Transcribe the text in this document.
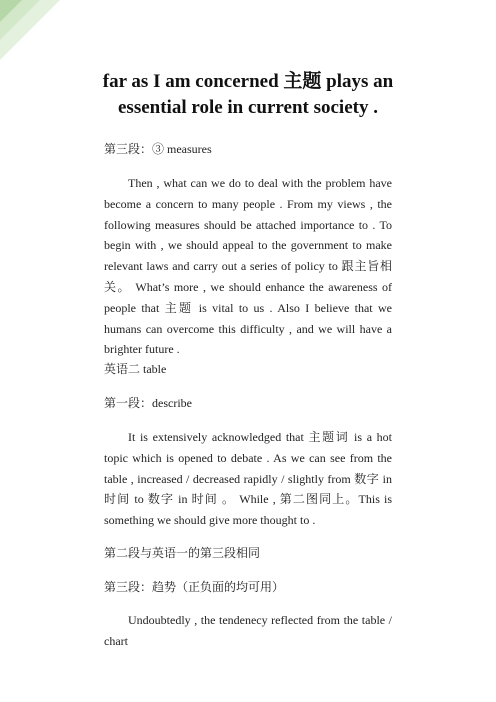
far as I am concerned 主题 plays an
essential role in current society .
第三段：③ measures
Then , what can we do to deal with the problem have become a concern to many people . From my views , the following measures should be attached importance to . To begin with , we should appeal to the government to make relevant laws and carry out a series of policy to 跟主旨相关。 What’s more , we should enhance the awareness of people that 主题 is vital to us . Also I believe that we humans can overcome this difficulty , and we will have a brighter future .
英语二 table
第一段：describe
It is extensively acknowledged that 主题词 is a hot topic which is opened to debate . As we can see from the table , increased / decreased rapidly / slightly from 数字 in 时间 to 数字 in 时间 。 While , 第二图同上。This is something we should give more thought to .
第二段与英语一的第三段相同
第三段：趋势（正负面的均可用）
Undoubtedly , the tendenecy reflected from the table / chart
